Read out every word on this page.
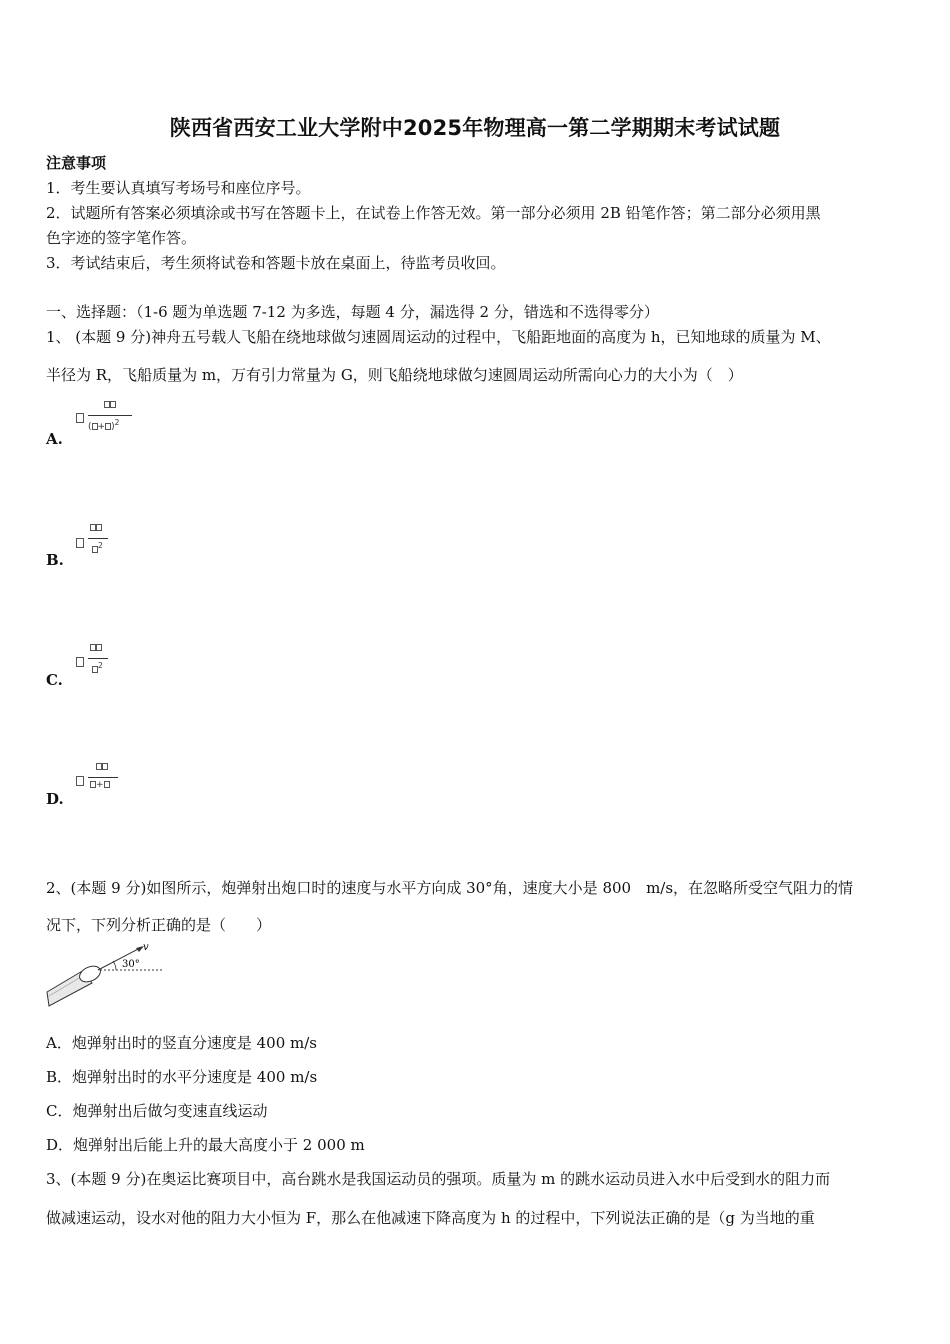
陕西省西安工业大学附中2025年物理高一第二学期期末考试试题
注意事项
1．考生要认真填写考场号和座位序号。
2．试题所有答案必须填涂或书写在答题卡上，在试卷上作答无效。第一部分必须用 2B 铅笔作答；第二部分必须用黑
色字迹的签字笔作答。
3．考试结束后，考生须将试卷和答题卡放在桌面上，待监考员收回。
一、选择题：（1-6 题为单选题 7-12 为多选，每题 4 分，漏选得 2 分，错选和不选得零分）
1、 (本题 9 分)神舟五号载人飞船在绕地球做匀速圆周运动的过程中，飞船距地面的高度为 h，已知地球的质量为 M、
半径为 R，飞船质量为 m，万有引力常量为 G，则飞船绕地球做匀速圆周运动所需向心力的大小为（　）
( + )$^2$
A.
$^2$
B.
$^2$
C.
+
D.
2、(本题 9 分)如图所示，炮弹射出炮口时的速度与水平方向成 30°角，速度大小是 800　m/s，在忽略所受空气阻力的情
况下，下列分析正确的是（　　）
v
30°
A．炮弹射出时的竖直分速度是 400 m/s
B．炮弹射出时的水平分速度是 400 m/s
C．炮弹射出后做匀变速直线运动
D．炮弹射出后能上升的最大高度小于 2 000 m
3、(本题 9 分)在奥运比赛项目中，高台跳水是我国运动员的强项。质量为 m 的跳水运动员进入水中后受到水的阻力而
做减速运动，设水对他的阻力大小恒为 F，那么在他减速下降高度为 h 的过程中，下列说法正确的是（g 为当地的重
